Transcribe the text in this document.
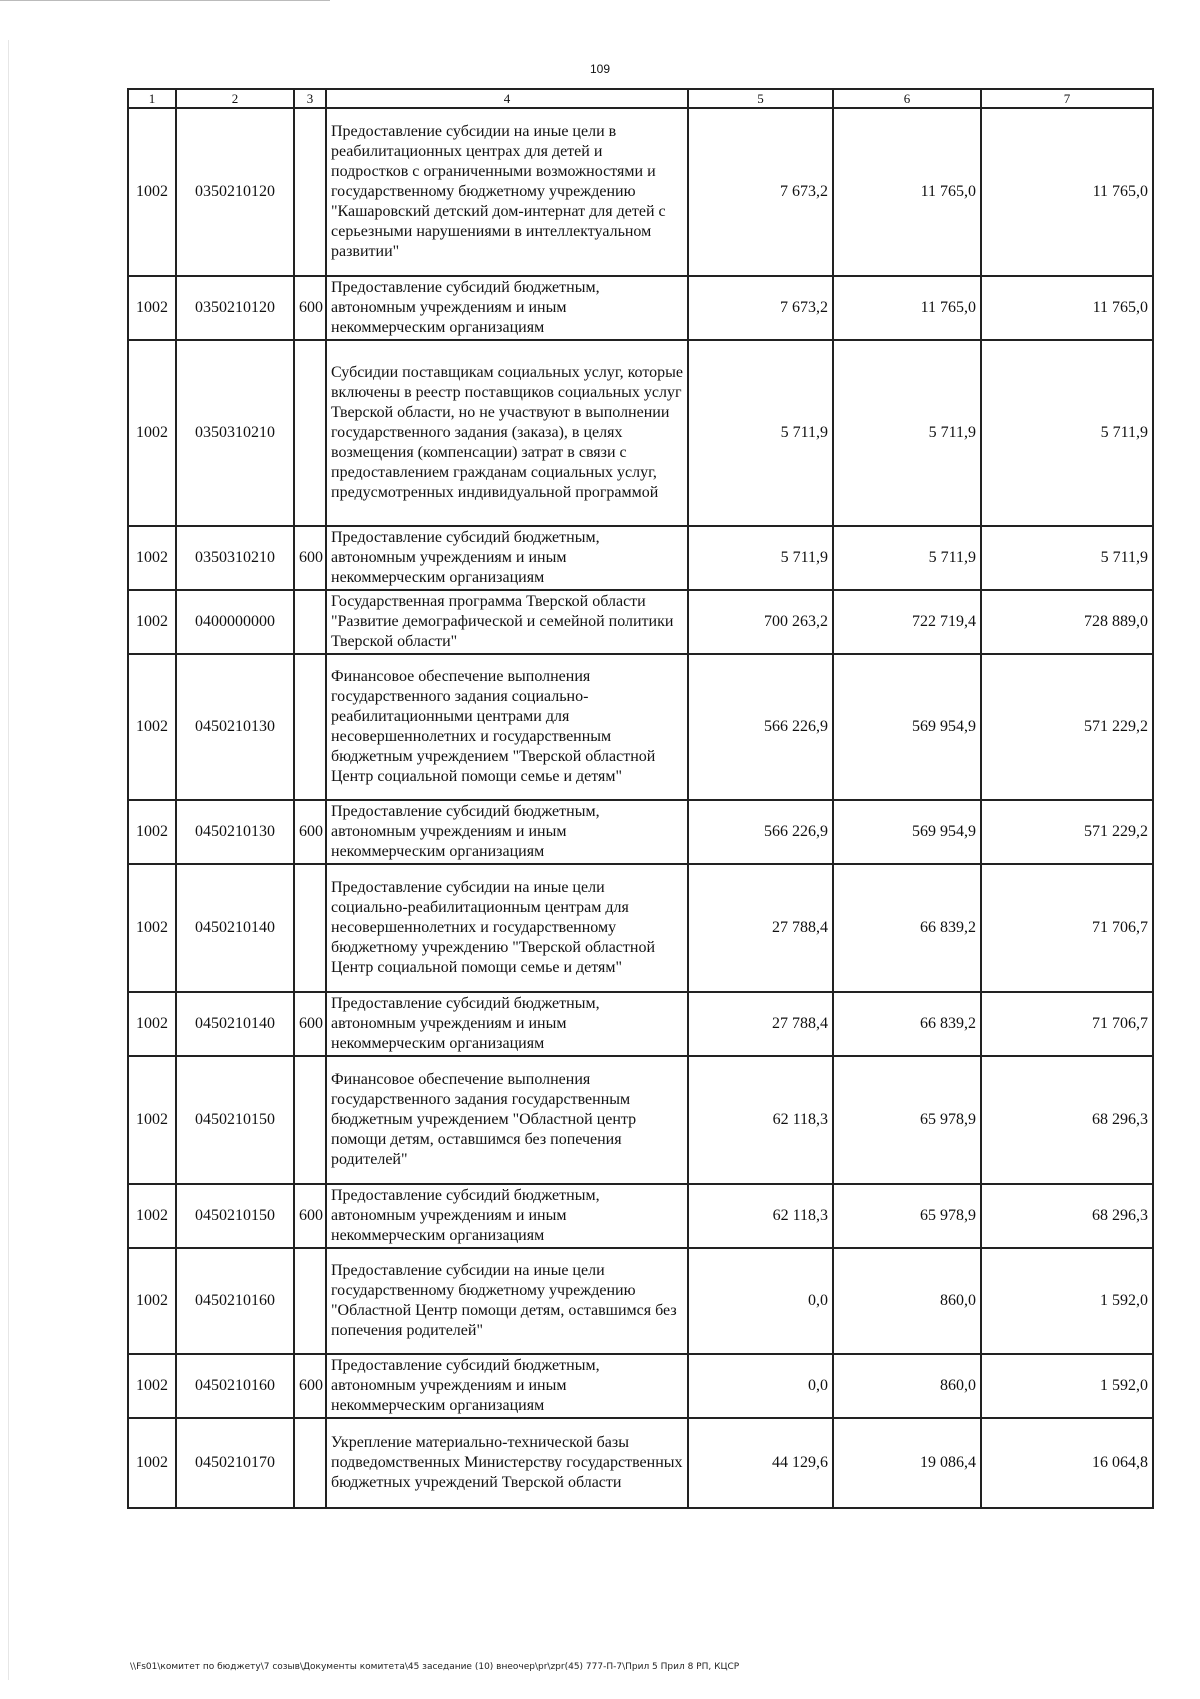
109
1	2	3	4	5	6	7
1002	0350210120		Предоставление субсидии на иные цели в реабилитационных центрах для детей и подростков с ограниченными возможностями и государственному бюджетному учреждению "Кашаровский детский дом-интернат для детей с серьезными нарушениями в интеллектуальном развитии"	7 673,2	11 765,0	11 765,0
1002	0350210120	600	Предоставление субсидий бюджетным, автономным учреждениям и иным некоммерческим организациям	7 673,2	11 765,0	11 765,0
1002	0350310210		Субсидии поставщикам социальных услуг, которые включены в реестр поставщиков социальных услуг Тверской области, но не участвуют в выполнении государственного задания (заказа), в целях возмещения (компенсации) затрат в связи с предоставлением гражданам социальных услуг, предусмотренных индивидуальной программой	5 711,9	5 711,9	5 711,9
1002	0350310210	600	Предоставление субсидий бюджетным, автономным учреждениям и иным некоммерческим организациям	5 711,9	5 711,9	5 711,9
1002	0400000000		Государственная программа Тверской области "Развитие демографической и семейной политики Тверской области"	700 263,2	722 719,4	728 889,0
1002	0450210130		Финансовое обеспечение выполнения государственного задания социально-реабилитационными центрами для несовершеннолетних и государственным бюджетным учреждением "Тверской областной Центр социальной помощи семье и детям"	566 226,9	569 954,9	571 229,2
1002	0450210130	600	Предоставление субсидий бюджетным, автономным учреждениям и иным некоммерческим организациям	566 226,9	569 954,9	571 229,2
1002	0450210140		Предоставление субсидии на иные цели социально-реабилитационным центрам для несовершеннолетних и государственному бюджетному учреждению "Тверской областной Центр социальной помощи семье и детям"	27 788,4	66 839,2	71 706,7
1002	0450210140	600	Предоставление субсидий бюджетным, автономным учреждениям и иным некоммерческим организациям	27 788,4	66 839,2	71 706,7
1002	0450210150		Финансовое обеспечение выполнения государственного задания государственным бюджетным учреждением "Областной центр помощи детям, оставшимся без попечения родителей"	62 118,3	65 978,9	68 296,3
1002	0450210150	600	Предоставление субсидий бюджетным, автономным учреждениям и иным некоммерческим организациям	62 118,3	65 978,9	68 296,3
1002	0450210160		Предоставление субсидии на иные цели государственному бюджетному учреждению "Областной Центр помощи детям, оставшимся без попечения родителей"	0,0	860,0	1 592,0
1002	0450210160	600	Предоставление субсидий бюджетным, автономным учреждениям и иным некоммерческим организациям	0,0	860,0	1 592,0
1002	0450210170		Укрепление материально-технической базы подведомственных Министерству государственных бюджетных учреждений Тверской области	44 129,6	19 086,4	16 064,8
\\Fs01\комитет по бюджету\7 созыв\Документы комитета\45 заседание (10) внеочер\pr\zpr(45) 777-П-7\Прил 5 Прил 8 РП, КЦСР
